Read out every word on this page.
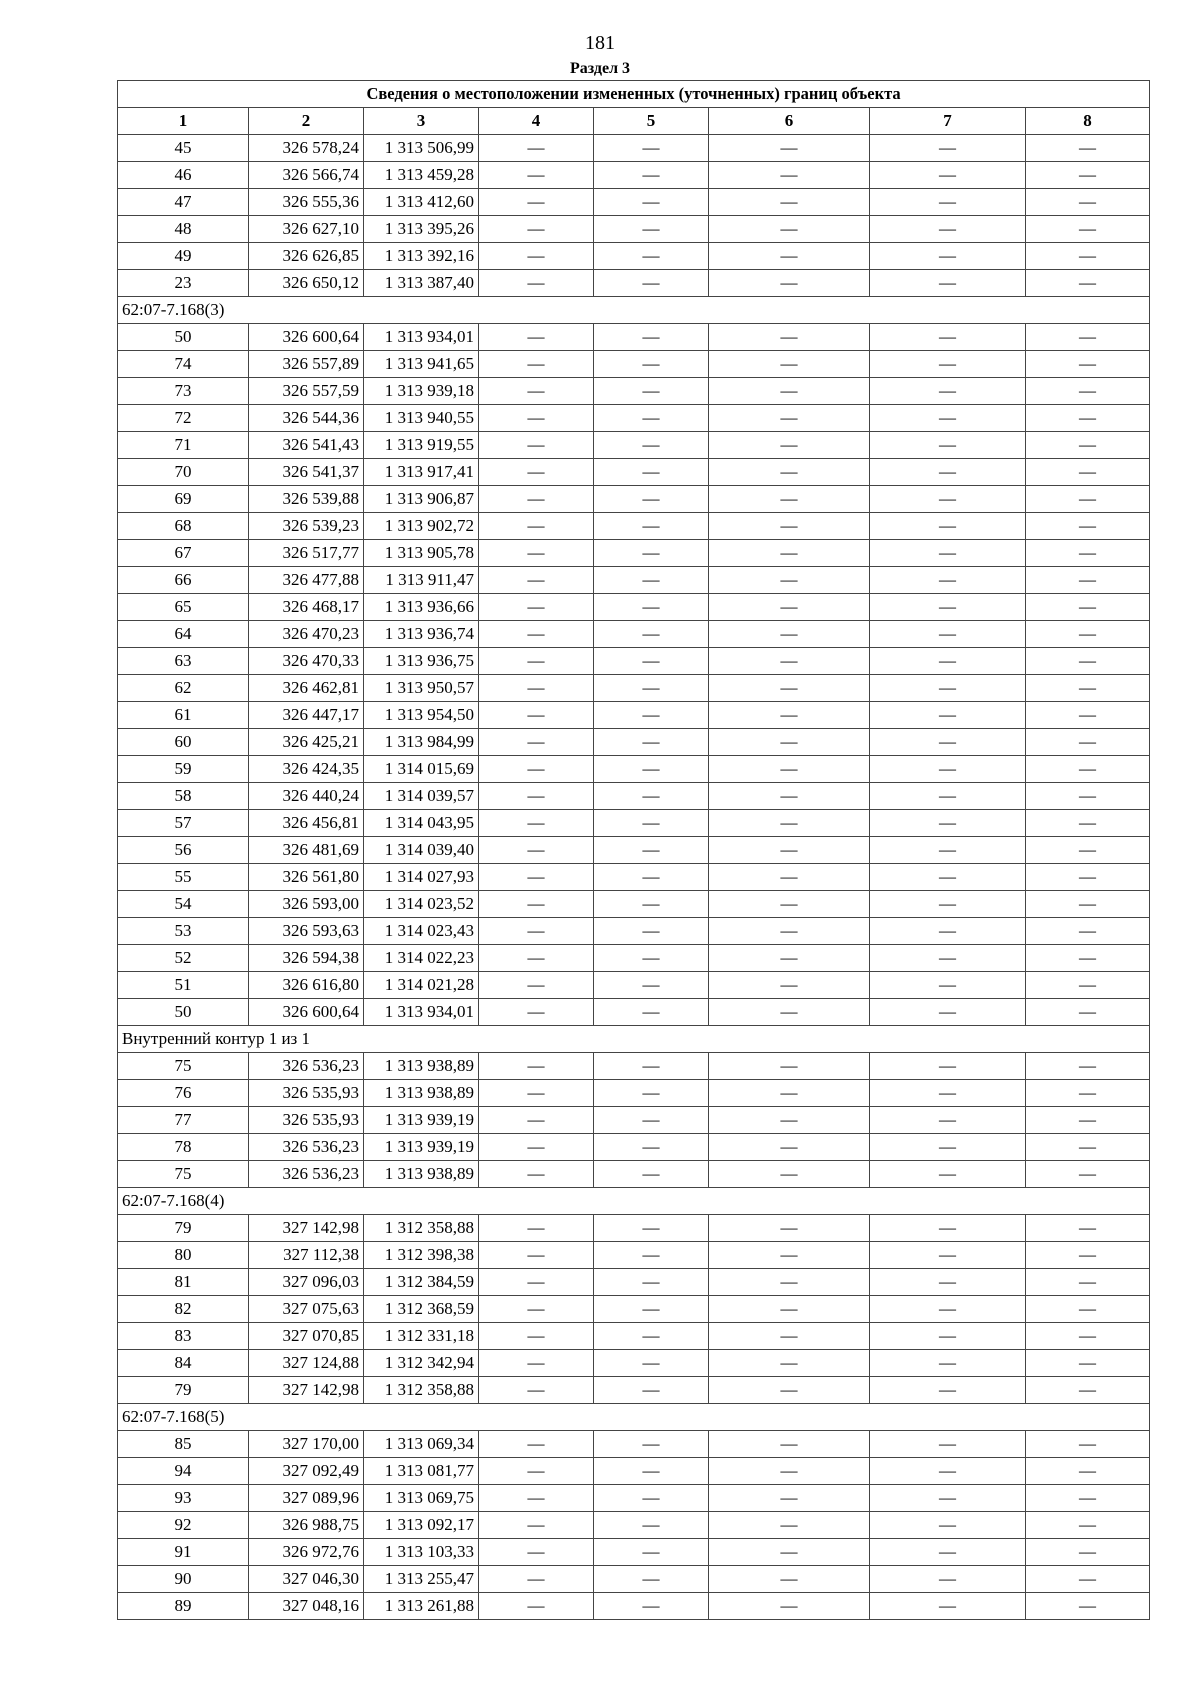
181
Раздел 3
Сведения о местоположении измененных (уточненных) границ объекта							
1	2	3	4	5	6	7	8
45	326 578,24	1 313 506,99	—	—	—	—	—
46	326 566,74	1 313 459,28	—	—	—	—	—
47	326 555,36	1 313 412,60	—	—	—	—	—
48	326 627,10	1 313 395,26	—	—	—	—	—
49	326 626,85	1 313 392,16	—	—	—	—	—
23	326 650,12	1 313 387,40	—	—	—	—	—
62:07-7.168(3)							
50	326 600,64	1 313 934,01	—	—	—	—	—
74	326 557,89	1 313 941,65	—	—	—	—	—
73	326 557,59	1 313 939,18	—	—	—	—	—
72	326 544,36	1 313 940,55	—	—	—	—	—
71	326 541,43	1 313 919,55	—	—	—	—	—
70	326 541,37	1 313 917,41	—	—	—	—	—
69	326 539,88	1 313 906,87	—	—	—	—	—
68	326 539,23	1 313 902,72	—	—	—	—	—
67	326 517,77	1 313 905,78	—	—	—	—	—
66	326 477,88	1 313 911,47	—	—	—	—	—
65	326 468,17	1 313 936,66	—	—	—	—	—
64	326 470,23	1 313 936,74	—	—	—	—	—
63	326 470,33	1 313 936,75	—	—	—	—	—
62	326 462,81	1 313 950,57	—	—	—	—	—
61	326 447,17	1 313 954,50	—	—	—	—	—
60	326 425,21	1 313 984,99	—	—	—	—	—
59	326 424,35	1 314 015,69	—	—	—	—	—
58	326 440,24	1 314 039,57	—	—	—	—	—
57	326 456,81	1 314 043,95	—	—	—	—	—
56	326 481,69	1 314 039,40	—	—	—	—	—
55	326 561,80	1 314 027,93	—	—	—	—	—
54	326 593,00	1 314 023,52	—	—	—	—	—
53	326 593,63	1 314 023,43	—	—	—	—	—
52	326 594,38	1 314 022,23	—	—	—	—	—
51	326 616,80	1 314 021,28	—	—	—	—	—
50	326 600,64	1 313 934,01	—	—	—	—	—
Внутренний контур 1 из 1							
75	326 536,23	1 313 938,89	—	—	—	—	—
76	326 535,93	1 313 938,89	—	—	—	—	—
77	326 535,93	1 313 939,19	—	—	—	—	—
78	326 536,23	1 313 939,19	—	—	—	—	—
75	326 536,23	1 313 938,89	—	—	—	—	—
62:07-7.168(4)							
79	327 142,98	1 312 358,88	—	—	—	—	—
80	327 112,38	1 312 398,38	—	—	—	—	—
81	327 096,03	1 312 384,59	—	—	—	—	—
82	327 075,63	1 312 368,59	—	—	—	—	—
83	327 070,85	1 312 331,18	—	—	—	—	—
84	327 124,88	1 312 342,94	—	—	—	—	—
79	327 142,98	1 312 358,88	—	—	—	—	—
62:07-7.168(5)							
85	327 170,00	1 313 069,34	—	—	—	—	—
94	327 092,49	1 313 081,77	—	—	—	—	—
93	327 089,96	1 313 069,75	—	—	—	—	—
92	326 988,75	1 313 092,17	—	—	—	—	—
91	326 972,76	1 313 103,33	—	—	—	—	—
90	327 046,30	1 313 255,47	—	—	—	—	—
89	327 048,16	1 313 261,88	—	—	—	—	—
